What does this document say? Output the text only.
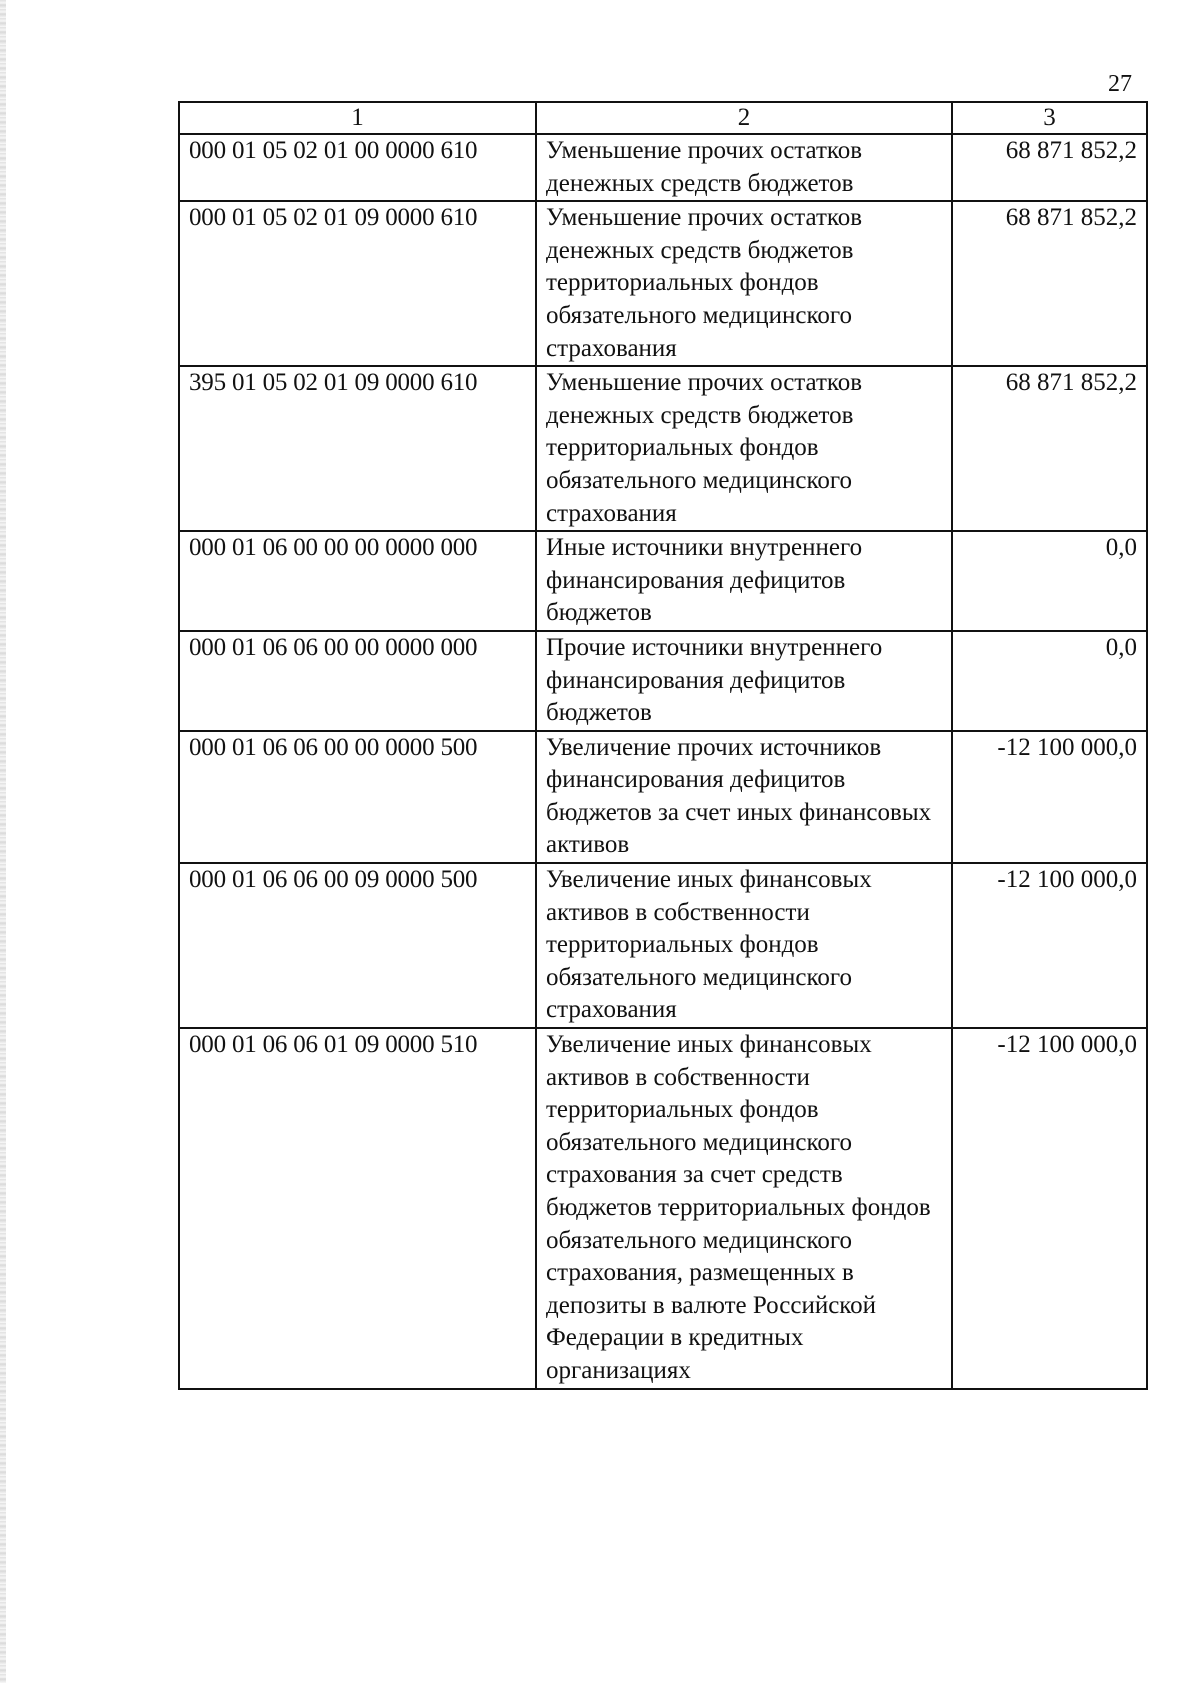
27
1	2	3
000 01 05 02 01 00 0000 610	Уменьшение прочих остатков денежных средств бюджетов	68 871 852,2
000 01 05 02 01 09 0000 610	Уменьшение прочих остатков денежных средств бюджетов территориальных фондов обязательного медицинского страхования	68 871 852,2
395 01 05 02 01 09 0000 610	Уменьшение прочих остатков денежных средств бюджетов территориальных фондов обязательного медицинского страхования	68 871 852,2
000 01 06 00 00 00 0000 000	Иные источники внутреннего финансирования дефицитов бюджетов	0,0
000 01 06 06 00 00 0000 000	Прочие источники внутреннего финансирования дефицитов бюджетов	0,0
000 01 06 06 00 00 0000 500	Увеличение прочих источников финансирования дефицитов бюджетов за счет иных финансовых активов	-12 100 000,0
000 01 06 06 00 09 0000 500	Увеличение иных финансовых активов в собственности территориальных фондов обязательного медицинского страхования	-12 100 000,0
000 01 06 06 01 09 0000 510	Увеличение иных финансовых активов в собственности территориальных фондов обязательного медицинского страхования за счет средств бюджетов территориальных фондов обязательного медицинского страхования, размещенных в депозиты в валюте Российской Федерации в кредитных организациях	-12 100 000,0
